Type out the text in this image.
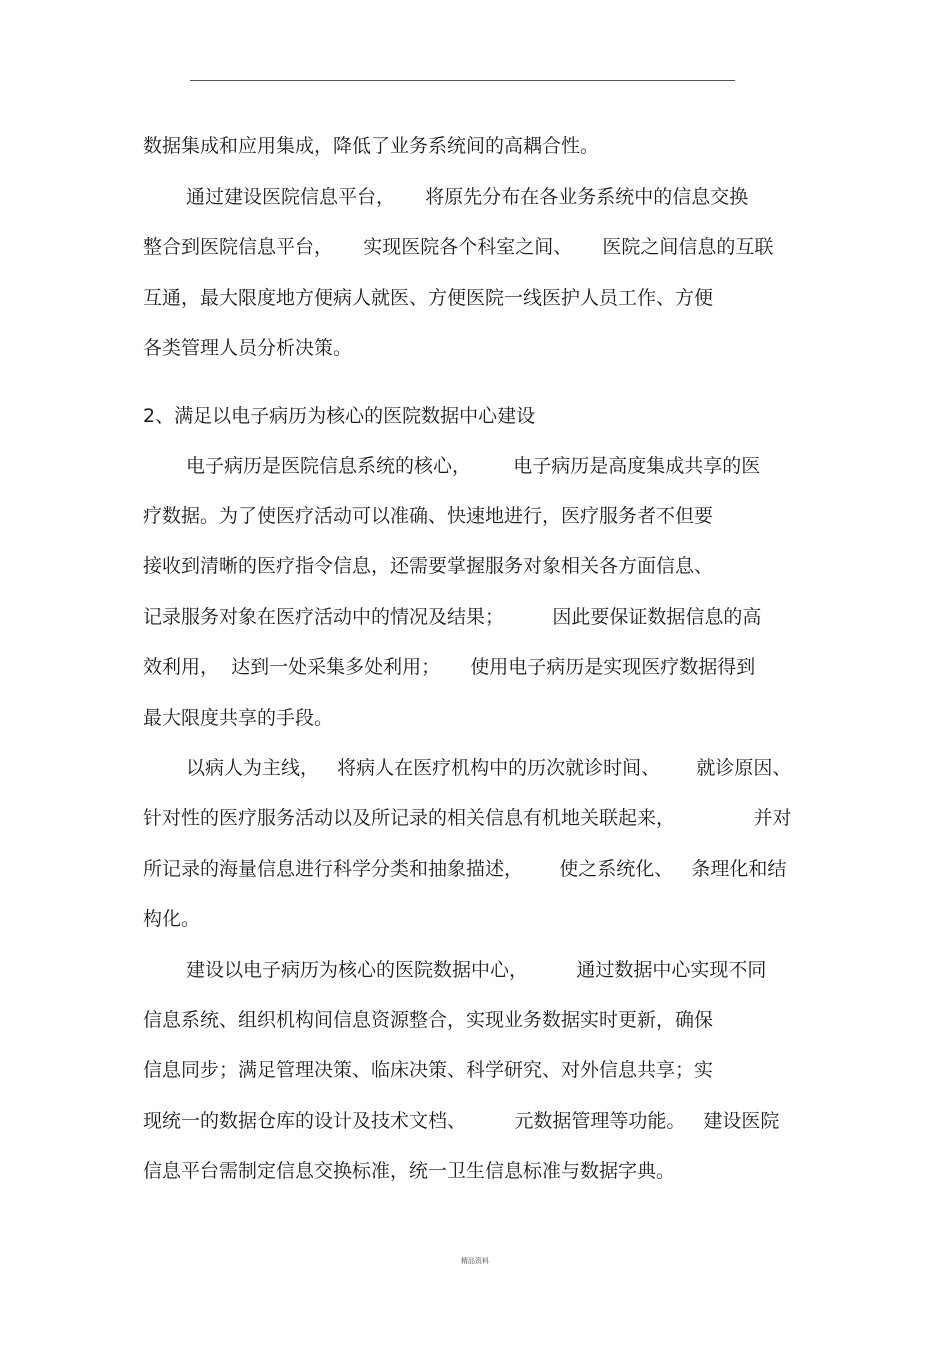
数据集成和应用集成，降低了业务系统间的高耦合性。
通过建设医院信息平台，     将原先分布在各业务系统中的信息交换
整合到医院信息平台，     实现医院各个科室之间、     医院之间信息的互联
互通，最大限度地方便病人就医、方便医院一线医护人员工作、方便
各类管理人员分析决策。
2、满足以电子病历为核心的医院数据中心建设
电子病历是医院信息系统的核心，       电子病历是高度集成共享的医
疗数据。为了使医疗活动可以准确、快速地进行，医疗服务者不但要
接收到清晰的医疗指令信息，还需要掌握服务对象相关各方面信息、
记录服务对象在医疗活动中的情况及结果；        因此要保证数据信息的高
效利用，  达到一处采集多处利用；     使用电子病历是实现医疗数据得到
最大限度共享的手段。
以病人为主线，   将病人在医疗机构中的历次就诊时间、      就诊原因、
针对性的医疗服务活动以及所记录的相关信息有机地关联起来，             并对
所记录的海量信息进行科学分类和抽象描述，      使之系统化、   条理化和结
构化。
建设以电子病历为核心的医院数据中心，        通过数据中心实现不同
信息系统、组织机构间信息资源整合，实现业务数据实时更新，确保
信息同步；满足管理决策、临床决策、科学研究、对外信息共享；实
现统一的数据仓库的设计及技术文档、        元数据管理等功能。   建设医院
信息平台需制定信息交换标准，统一卫生信息标准与数据字典。
精品资料
